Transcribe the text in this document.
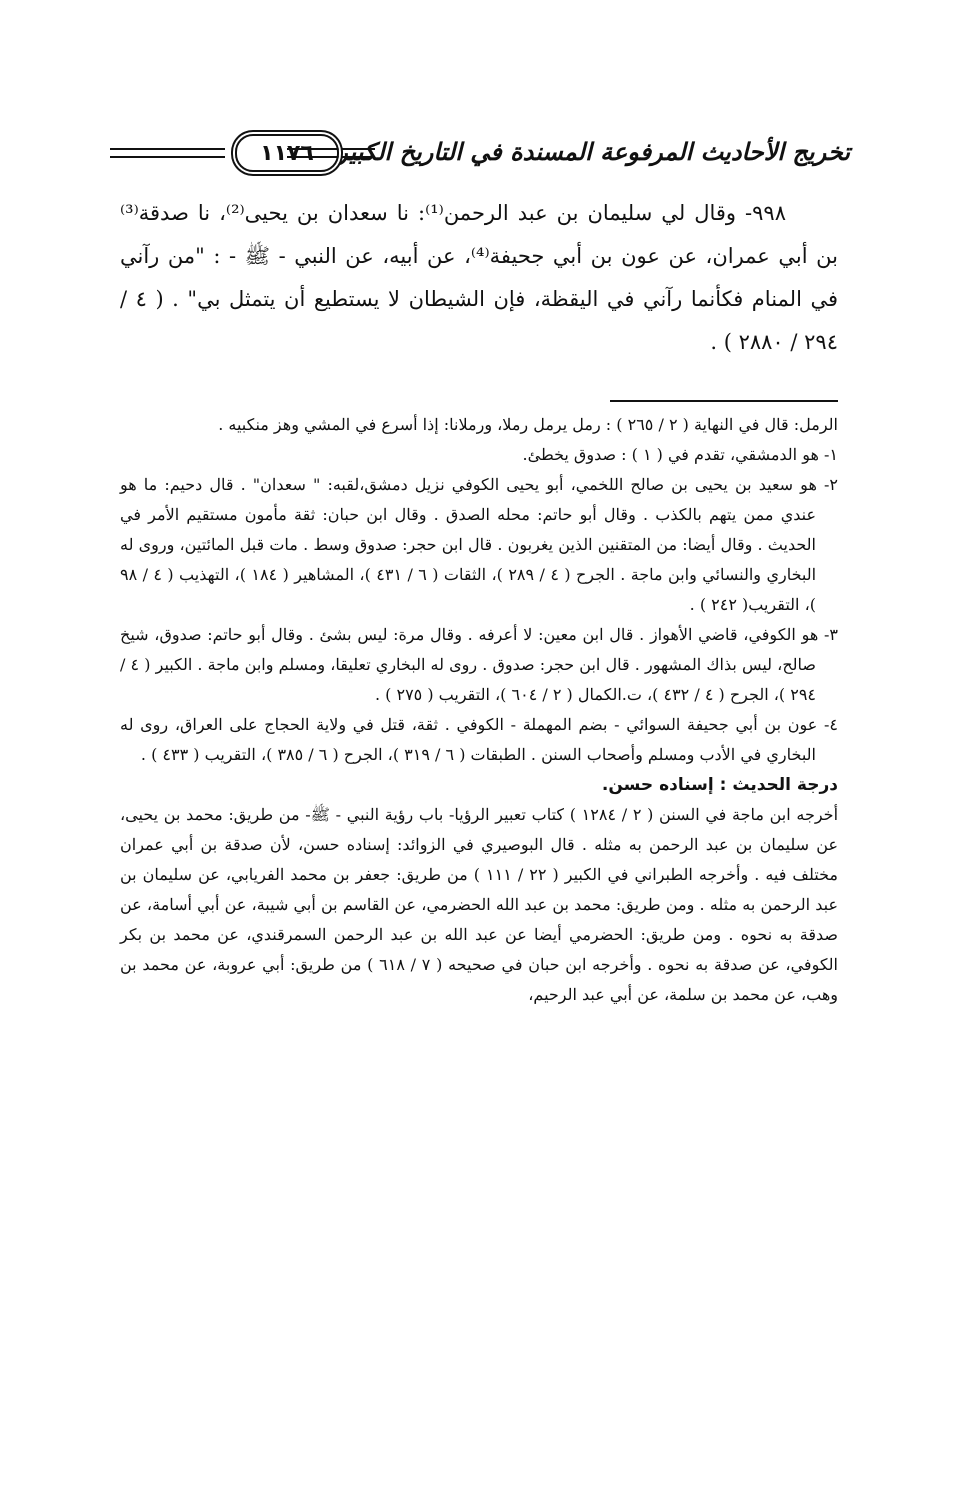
تخريج الأحاديث المرفوعة المسندة في التاريخ الكبير
١١٧٦

٩٩٨- وقال لي سليمان بن عبد الرحمن⁽¹⁾: نا سعدان بن يحيى⁽²⁾، نا صدقة⁽³⁾ بن أبي عمران، عن عون بن أبي جحيفة⁽⁴⁾، عن أبيه، عن النبي - ﷺ - : "من رآني في المنام فكأنما رآني في اليقظة، فإن الشيطان لا يستطيع أن يتمثل بي" . ( ٤ / ٢٩٤ / ٢٨٨٠ ) .

الرمل: قال في النهاية ( ٢ / ٢٦٥ ) : رمل يرمل رملا، ورملانا: إذا أسرع في المشي وهز منكبيه .

١- هو الدمشقي، تقدم في ( ١ ) : صدوق يخطئ.

٢- هو سعيد بن يحيى بن صالح اللخمي، أبو يحيى الكوفي نزيل دمشق،لقبه: " سعدان" . قال دحيم: ما هو عندي ممن يتهم بالكذب . وقال أبو حاتم: محله الصدق . وقال ابن حبان: ثقة مأمون مستقيم الأمر في الحديث . وقال أيضا: من المتقنين الذين يغربون . قال ابن حجر: صدوق وسط . مات قبل المائتين، وروى له البخاري والنسائي وابن ماجة . الجرح ( ٤ / ٢٨٩ )، الثقات ( ٦ / ٤٣١ )، المشاهير ( ١٨٤ )، التهذيب ( ٤ / ٩٨ )، التقريب( ٢٤٢ ) .

٣- هو الكوفي، قاضي الأهواز . قال ابن معين: لا أعرفه . وقال مرة: ليس بشئ . وقال أبو حاتم: صدوق، شيخ صالح، ليس بذاك المشهور . قال ابن حجر: صدوق . روى له البخاري تعليقا، ومسلم وابن ماجة . الكبير ( ٤ / ٢٩٤ )، الجرح ( ٤ / ٤٣٢ )، ت.الكمال ( ٢ / ٦٠٤ )، التقريب ( ٢٧٥ ) .

٤- عون بن أبي جحيفة السوائي - بضم المهملة - الكوفي . ثقة، قتل في ولاية الحجاج على العراق، روى له البخاري في الأدب ومسلم وأصحاب السنن . الطبقات ( ٦ / ٣١٩ )، الجرح ( ٦ / ٣٨٥ )، التقريب ( ٤٣٣ ) .

درجة الحديث : إسناده حسن.

أخرجه ابن ماجة في السنن ( ٢ / ١٢٨٤ ) كتاب تعبير الرؤيا- باب رؤية النبي - ﷺ- من طريق: محمد بن يحيى، عن سليمان بن عبد الرحمن به مثله . قال البوصيري في الزوائد: إسناده حسن، لأن صدقة بن أبي عمران مختلف فيه . وأخرجه الطبراني في الكبير ( ٢٢ / ١١١ ) من طريق: جعفر بن محمد الفريابي، عن سليمان بن عبد الرحمن به مثله . ومن طريق: محمد بن عبد الله الحضرمي، عن القاسم بن أبي شيبة، عن أبي أسامة، عن صدقة به نحوه . ومن طريق: الحضرمي أيضا عن عبد الله بن عبد الرحمن السمرقندي، عن محمد بن بكر الكوفي، عن صدقة به نحوه . وأخرجه ابن حبان في صحيحه ( ٧ / ٦١٨ ) من طريق: أبي عروبة، عن محمد بن وهب، عن محمد بن سلمة، عن أبي عبد الرحيم،
